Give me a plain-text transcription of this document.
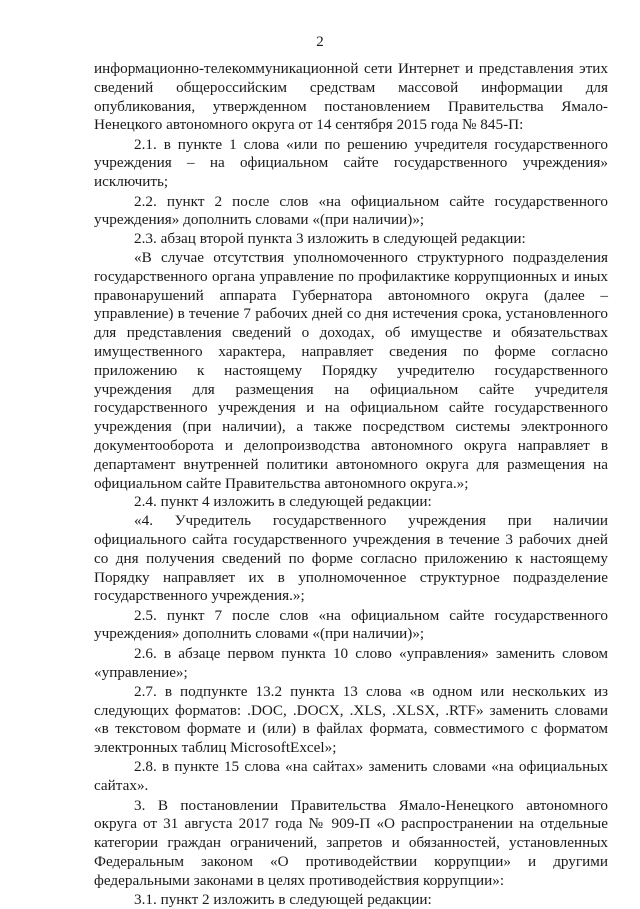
2

информационно-телекоммуникационной сети Интернет и представления этих сведений общероссийским средствам массовой информации для опубликования, утвержденном постановлением Правительства Ямало-Ненецкого автономного округа от 14 сентября 2015 года № 845-П:

2.1. в пункте 1 слова «или по решению учредителя государственного учреждения – на официальном сайте государственного учреждения» исключить;

2.2. пункт 2 после слов «на официальном сайте государственного учреждения» дополнить словами «(при наличии)»;

2.3. абзац второй пункта 3 изложить в следующей редакции:

«В случае отсутствия уполномоченного структурного подразделения государственного органа управление по профилактике коррупционных и иных правонарушений аппарата Губернатора автономного округа (далее – управление) в течение 7 рабочих дней со дня истечения срока, установленного для представления сведений о доходах, об имуществе и обязательствах имущественного характера, направляет сведения по форме согласно приложению к настоящему Порядку учредителю государственного учреждения для размещения на официальном сайте учредителя государственного учреждения и на официальном сайте государственного учреждения (при наличии), а также посредством системы электронного документооборота и делопроизводства автономного округа направляет в департамент внутренней политики автономного округа для размещения на официальном сайте Правительства автономного округа.»;

2.4. пункт 4 изложить в следующей редакции:

«4. Учредитель государственного учреждения при наличии официального сайта государственного учреждения в течение 3 рабочих дней со дня получения сведений по форме согласно приложению к настоящему Порядку направляет их в уполномоченное структурное подразделение государственного учреждения.»;

2.5. пункт 7 после слов «на официальном сайте государственного учреждения» дополнить словами «(при наличии)»;

2.6. в абзаце первом пункта 10 слово «управления» заменить словом «управление»;

2.7. в подпункте 13.2 пункта 13 слова «в одном или нескольких из следующих форматов: .DOC, .DOCX, .XLS, .XLSX, .RTF» заменить словами «в текстовом формате и (или) в файлах формата, совместимого с форматом электронных таблиц MicrosoftExcel»;

2.8. в пункте 15 слова «на сайтах» заменить словами «на официальных сайтах».

3. В постановлении Правительства Ямало-Ненецкого автономного округа от 31 августа 2017 года № 909-П «О распространении на отдельные категории граждан ограничений, запретов и обязанностей, установленных Федеральным законом «О противодействии коррупции» и другими федеральными законами в целях противодействия коррупции»:

3.1. пункт 2 изложить в следующей редакции:
